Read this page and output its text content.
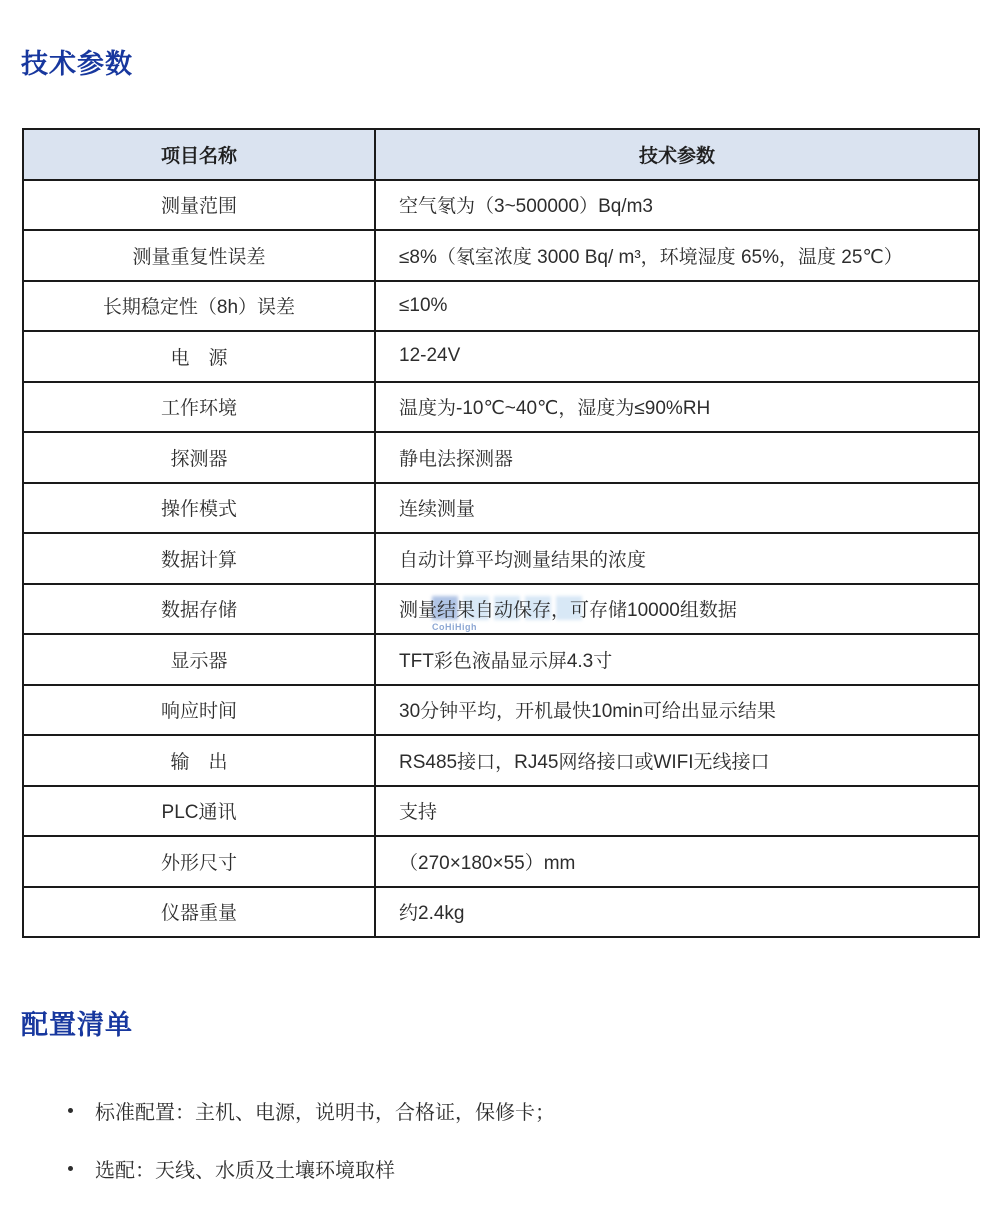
技术参数
CoHiHigh
项目名称	技术参数
测量范围	空气氡为（3~500000）Bq/m3
测量重复性误差	≤8%（氡室浓度 3000 Bq/ m³，环境湿度 65%，温度 25℃）
长期稳定性（8h）误差	≤10%
电　源	12-24V
工作环境	温度为-10℃~40℃，湿度为≤90%RH
探测器	静电法探测器
操作模式	连续测量
数据计算	自动计算平均测量结果的浓度
数据存储	测量结果自动保存，可存储10000组数据
显示器	TFT彩色液晶显示屏4.3寸
响应时间	30分钟平均，开机最快10min可给出显示结果
输　出	RS485接口，RJ45网络接口或WIFI无线接口
PLC通讯	支持
外形尺寸	（270×180×55）mm
仪器重量	约2.4kg
配置清单
标准配置：主机、电源，说明书，合格证，保修卡；
选配：天线、水质及土壤环境取样
